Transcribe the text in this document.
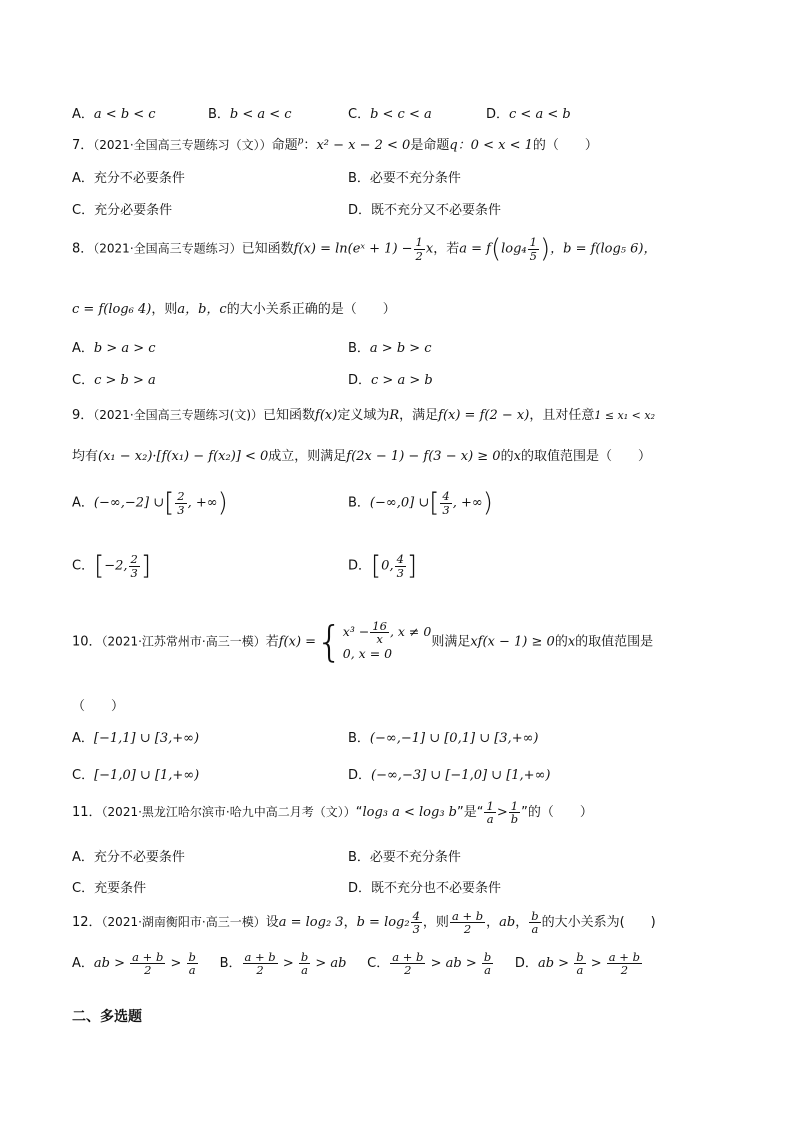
A．a < b < c	B．b < a < c	C．b < c < a	D．c < a < b
7．（2021·全国高三专题练习（文））命题$^p$：x² − x − 2 < 0是命题q：0 < x < 1的（　　）
A．充分不必要条件	B．必要不充分条件
C．充分必要条件	D．既不充分又不必要条件
8．（2021·全国高三专题练习）已知函数f(x) = ln(eˣ + $1) - \frac{1}{2}$ x，若$a = f(\log_4 \frac{1}{5}$ )，b = f(log₅ 6)，
c = f(log₆ 4)，则a，b，c的大小关系正确的是（　　）
A．b > a > c	B．a > b > c
C．c > b > a	D．c > a > b
9．（2021·全国高三专题练习(文)）已知函数f(x)定义域为R，满足f(x) = f(2 − x)，且对任意1 ≤ x₁ < x₂
均有(x₁ − x₂)·[f(x₁) − f(x₂)] < 0成立，则满足f(2x − 1) − f(3 − x) ≥ 0的x的取值范围是（　　）
A．(−∞,−2] ∪[ $\frac{2}{3}$ , +∞)	B．(−∞,0] ∪[ $\frac{4}{3}$ , +∞)
C．[−2, $\frac{2}{3}$ ]	D．[0, $\frac{4}{3}$ ]
10．（2021·江苏常州市·高三一模）若f(x) ={ $x^3 - \frac{16}{x}$ , x ≠ 0
0, x = 0
则满足xf(x − 1) ≥ 0的x的取值范围是
（　　）
A．[−1,1] ∪ [3,+∞)	B．(−∞,−1] ∪ [0,1] ∪ [3,+∞)
C．[−1,0] ∪ [1,+∞)	D．(−∞,−3] ∪ [−1,0] ∪ [1,+∞)
11．（2021·黑龙江哈尔滨市·哈九中高二月考（文））“log₃ a < log₃ b”是“ $\frac{1}{a} > \frac{1}{b}$ ”的（　　）
A．充分不必要条件	B．必要不充分条件
C．充要条件	D．既不充分也不必要条件
12．（2021·湖南衡阳市·高三一模）设a = log₂ 3，$b = \log_2 \frac{4}{3}$ ，则 $\frac{a + b}{2}$ ，ab， $\frac{b}{a}$ 的大小关系为(　　)
A．ab > $\frac{a + b}{2} > \frac{b}{a}$ B． $\frac{a + b}{2} > \frac{b}{a}$ > ab C． $\frac{a + b}{2}$ > ab > $\frac{b}{a}$ D．ab > $\frac{b}{a} > \frac{a + b}{2}$
二、多选题
